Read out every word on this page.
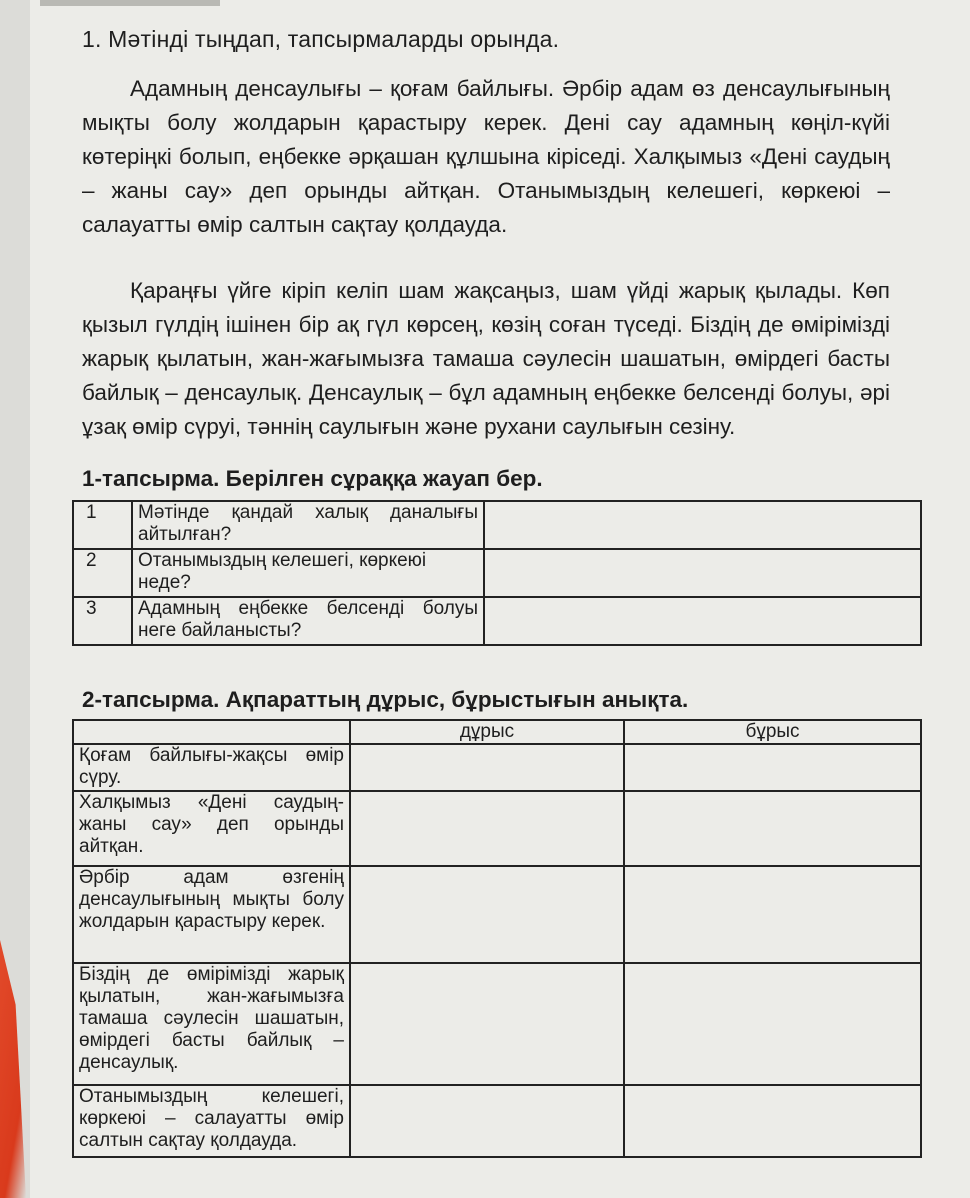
1. Мәтінді тыңдап, тапсырмаларды орында.

Адамның денсаулығы – қоғам байлығы. Әрбір адам өз денсаулығының мықты болу жолдарын қарастыру керек. Дені сау адамның көңіл-күйі көтеріңкі болып, еңбекке әрқашан құлшына кіріседі. Халқымыз «Дені саудың – жаны сау» деп орынды айтқан. Отанымыздың келешегі, көркеюі – салауатты өмір салтын сақтау қолдауда.

Қараңғы үйге кіріп келіп шам жақсаңыз, шам үйді жарық қылады. Көп қызыл гүлдің ішінен бір ақ гүл көрсең, көзің соған түседі. Біздің де өмірімізді жарық қылатын, жан-жағымызға тамаша сәулесін шашатын, өмірдегі басты байлық – денсаулық. Денсаулық – бұл адамның еңбекке белсенді болуы, әрі ұзақ өмір сүруі, тәннің саулығын және рухани саулығын сезіну.

1-тапсырма. Берілген сұраққа жауап бер.
1	Мәтінде қандай халық даналығы айтылған?	
2	Отанымыздың келешегі, көркеюі неде?	
3	Адамның еңбекке белсенді болуы неге байланысты?	
2-тапсырма. Ақпараттың дұрыс, бұрыстығын анықта.
	дұрыс	бұрыс
Қоғам байлығы-жақсы өмір сүру.		
Халқымыз «Дені саудың-жаны сау» деп орынды айтқан.		
Әрбір адам өзгенің денсаулығының мықты болу жолдарын қарастыру керек.		
Біздің де өмірімізді жарық қылатын, жан-жағымызға тамаша сәулесін шашатын, өмірдегі басты байлық – денсаулық.		
Отанымыздың келешегі, көркеюі – салауатты өмір салтын сақтау қолдауда.		
